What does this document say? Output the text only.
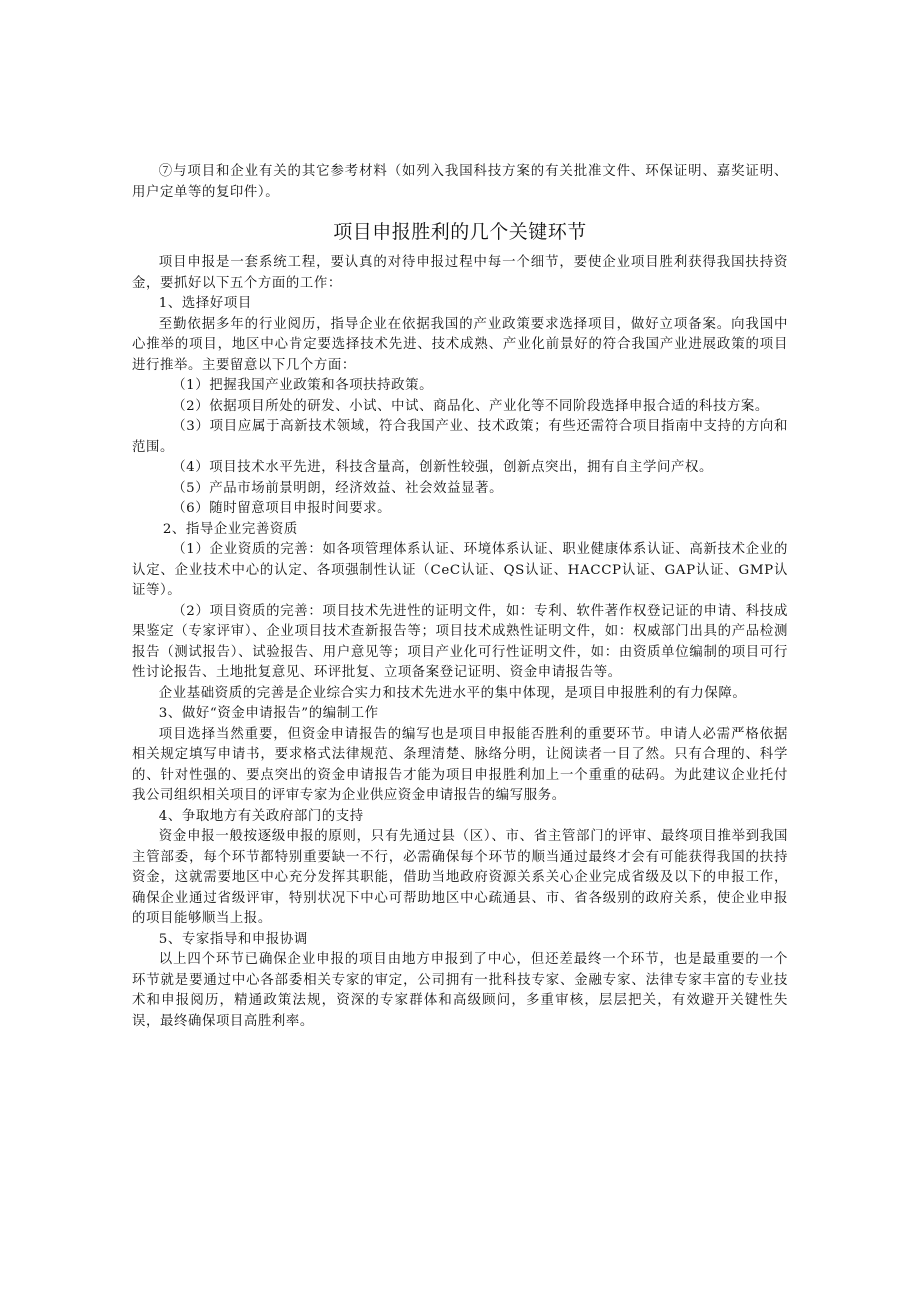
⑦与项目和企业有关的其它参考材料（如列入我国科技方案的有关批准文件、环保证明、嘉奖证明、用户定单等的复印件）。

项目申报胜利的几个关键环节

项目申报是一套系统工程，要认真的对待申报过程中每一个细节，要使企业项目胜利获得我国扶持资金，要抓好以下五个方面的工作：

1、选择好项目

至勤依据多年的行业阅历，指导企业在依据我国的产业政策要求选择项目，做好立项备案。向我国中心推举的项目，地区中心肯定要选择技术先进、技术成熟、产业化前景好的符合我国产业进展政策的项目进行推举。主要留意以下几个方面：

（1）把握我国产业政策和各项扶持政策。

（2）依据项目所处的研发、小试、中试、商品化、产业化等不同阶段选择申报合适的科技方案。

（3）项目应属于高新技术领域，符合我国产业、技术政策；有些还需符合项目指南中支持的方向和范围。

（4）项目技术水平先进，科技含量高，创新性较强，创新点突出，拥有自主学问产权。

（5）产品市场前景明朗，经济效益、社会效益显著。

（6）随时留意项目申报时间要求。

2、指导企业完善资质

（1）企业资质的完善：如各项管理体系认证、环境体系认证、职业健康体系认证、高新技术企业的认定、企业技术中心的认定、各项强制性认证（CeC认证、QS认证、HACCP认证、GAP认证、GMP认证等）。

（2）项目资质的完善：项目技术先进性的证明文件，如：专利、软件著作权登记证的申请、科技成果鉴定（专家评审）、企业项目技术查新报告等；项目技术成熟性证明文件，如：权威部门出具的产品检测报告（测试报告）、试验报告、用户意见等；项目产业化可行性证明文件，如：由资质单位编制的项目可行性讨论报告、土地批复意见、环评批复、立项备案登记证明、资金申请报告等。

企业基础资质的完善是企业综合实力和技术先进水平的集中体现，是项目申报胜利的有力保障。

3、做好“资金申请报告”的编制工作

项目选择当然重要，但资金申请报告的编写也是项目申报能否胜利的重要环节。申请人必需严格依据相关规定填写申请书，要求格式法律规范、条理清楚、脉络分明，让阅读者一目了然。只有合理的、科学的、针对性强的、要点突出的资金申请报告才能为项目申报胜利加上一个重重的砝码。为此建议企业托付我公司组织相关项目的评审专家为企业供应资金申请报告的编写服务。

4、争取地方有关政府部门的支持

资金申报一般按逐级申报的原则，只有先通过县（区）、市、省主管部门的评审、最终项目推举到我国主管部委，每个环节都特别重要缺一不行，必需确保每个环节的顺当通过最终才会有可能获得我国的扶持资金，这就需要地区中心充分发挥其职能，借助当地政府资源关系关心企业完成省级及以下的申报工作，确保企业通过省级评审，特别状况下中心可帮助地区中心疏通县、市、省各级别的政府关系，使企业申报的项目能够顺当上报。

5、专家指导和申报协调

以上四个环节已确保企业申报的项目由地方申报到了中心，但还差最终一个环节，也是最重要的一个环节就是要通过中心各部委相关专家的审定，公司拥有一批科技专家、金融专家、法律专家丰富的专业技术和申报阅历，精通政策法规，资深的专家群体和高级顾问，多重审核，层层把关，有效避开关键性失误，最终确保项目高胜利率。
